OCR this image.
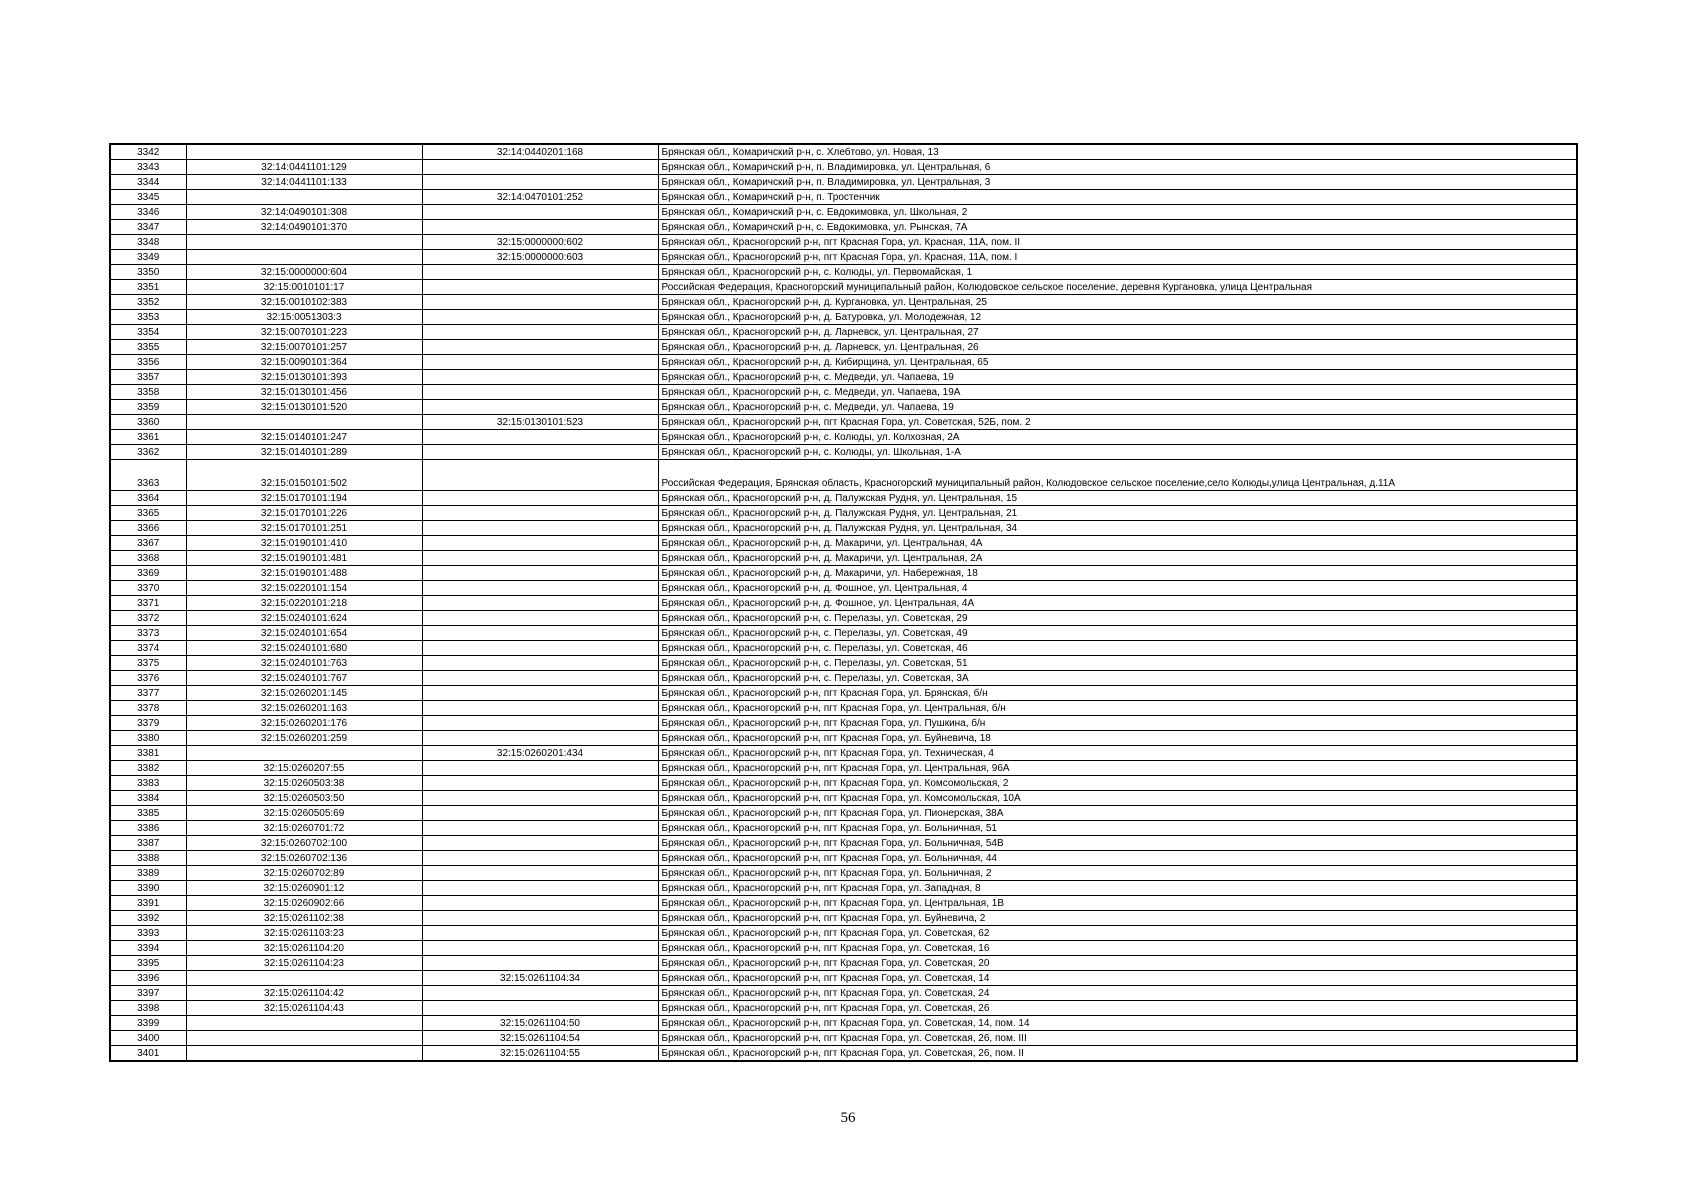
3342		32:14:0440201:168	Брянская обл., Комаричский р-н, с. Хлебтово, ул. Новая, 13
3343	32:14:0441101:129		Брянская обл., Комаричский р-н, п. Владимировка, ул. Центральная, 6
3344	32:14:0441101:133		Брянская обл., Комаричский р-н, п. Владимировка, ул. Центральная, 3
3345		32:14:0470101:252	Брянская обл., Комаричский р-н, п. Тростенчик
3346	32:14:0490101:308		Брянская обл., Комаричский р-н, с. Евдокимовка, ул. Школьная, 2
3347	32:14:0490101:370		Брянская обл., Комаричский р-н, с. Евдокимовка, ул. Рынская, 7А
3348		32:15:0000000:602	Брянская обл., Красногорский р-н, пгт Красная Гора, ул. Красная, 11А, пом. II
3349		32:15:0000000:603	Брянская обл., Красногорский р-н, пгт Красная Гора, ул. Красная, 11А, пом. I
3350	32:15:0000000:604		Брянская обл., Красногорский р-н, с. Колюды, ул. Первомайская, 1
3351	32:15:0010101:17		Российская Федерация, Красногорский муниципальный район, Колюдовское сельское поселение, деревня Кургановка, улица Центральная
3352	32:15:0010102:383		Брянская обл., Красногорский р-н, д. Кургановка, ул. Центральная, 25
3353	32:15:0051303:3		Брянская обл., Красногорский р-н, д. Батуровка, ул. Молодежная, 12
3354	32:15:0070101:223		Брянская обл., Красногорский р-н, д. Ларневск, ул. Центральная, 27
3355	32:15:0070101:257		Брянская обл., Красногорский р-н, д. Ларневск, ул. Центральная, 26
3356	32:15:0090101:364		Брянская обл., Красногорский р-н, д. Кибирщина, ул. Центральная, 65
3357	32:15:0130101:393		Брянская обл., Красногорский р-н, с. Медведи, ул. Чапаева, 19
3358	32:15:0130101:456		Брянская обл., Красногорский р-н, с. Медведи, ул. Чапаева, 19А
3359	32:15:0130101:520		Брянская обл., Красногорский р-н, с. Медведи, ул. Чапаева, 19
3360		32:15:0130101:523	Брянская обл., Красногорский р-н, пгт Красная Гора, ул. Советская, 52Б, пом. 2
3361	32:15:0140101:247		Брянская обл., Красногорский р-н, с. Колюды, ул. Колхозная, 2А
3362	32:15:0140101:289		Брянская обл., Красногорский р-н, с. Колюды, ул. Школьная, 1-А
3363	32:15:0150101:502		Российская Федерация, Брянская область, Красногорский муниципальный район, Колюдовское сельское поселение,село Колюды,улица Центральная, д.11А
3364	32:15:0170101:194		Брянская обл., Красногорский р-н, д. Палужская Рудня, ул. Центральная, 15
3365	32:15:0170101:226		Брянская обл., Красногорский р-н, д. Палужская Рудня, ул. Центральная, 21
3366	32:15:0170101:251		Брянская обл., Красногорский р-н, д. Палужская Рудня, ул. Центральная, 34
3367	32:15:0190101:410		Брянская обл., Красногорский р-н, д. Макаричи, ул. Центральная, 4А
3368	32:15:0190101:481		Брянская обл., Красногорский р-н, д. Макаричи, ул. Центральная, 2А
3369	32:15:0190101:488		Брянская обл., Красногорский р-н, д. Макаричи, ул. Набережная, 18
3370	32:15:0220101:154		Брянская обл., Красногорский р-н, д. Фошное, ул. Центральная, 4
3371	32:15:0220101:218		Брянская обл., Красногорский р-н, д. Фошное, ул. Центральная, 4А
3372	32:15:0240101:624		Брянская обл., Красногорский р-н, с. Перелазы, ул. Советская, 29
3373	32:15:0240101:654		Брянская обл., Красногорский р-н, с. Перелазы, ул. Советская, 49
3374	32:15:0240101:680		Брянская обл., Красногорский р-н, с. Перелазы, ул. Советская, 46
3375	32:15:0240101:763		Брянская обл., Красногорский р-н, с. Перелазы, ул. Советская, 51
3376	32:15:0240101:767		Брянская обл., Красногорский р-н, с. Перелазы, ул. Советская, 3А
3377	32:15:0260201:145		Брянская обл., Красногорский р-н, пгт Красная Гора, ул. Брянская, б/н
3378	32:15:0260201:163		Брянская обл., Красногорский р-н, пгт Красная Гора, ул. Центральная, б/н
3379	32:15:0260201:176		Брянская обл., Красногорский р-н, пгт Красная Гора, ул. Пушкина, б/н
3380	32:15:0260201:259		Брянская обл., Красногорский р-н, пгт Красная Гора, ул. Буйневича, 18
3381		32:15:0260201:434	Брянская обл., Красногорский р-н, пгт Красная Гора, ул. Техническая, 4
3382	32:15:0260207:55		Брянская обл., Красногорский р-н, пгт Красная Гора, ул. Центральная, 96А
3383	32:15:0260503:38		Брянская обл., Красногорский р-н, пгт Красная Гора, ул. Комсомольская, 2
3384	32:15:0260503:50		Брянская обл., Красногорский р-н, пгт Красная Гора, ул. Комсомольская, 10А
3385	32:15:0260505:69		Брянская обл., Красногорский р-н, пгт Красная Гора, ул. Пионерская, 38А
3386	32:15:0260701:72		Брянская обл., Красногорский р-н, пгт Красная Гора, ул. Больничная, 51
3387	32:15:0260702:100		Брянская обл., Красногорский р-н, пгт Красная Гора, ул. Больничная, 54В
3388	32:15:0260702:136		Брянская обл., Красногорский р-н, пгт Красная Гора, ул. Больничная, 44
3389	32:15:0260702:89		Брянская обл., Красногорский р-н, пгт Красная Гора, ул. Больничная, 2
3390	32:15:0260901:12		Брянская обл., Красногорский р-н, пгт Красная Гора, ул. Западная, 8
3391	32:15:0260902:66		Брянская обл., Красногорский р-н, пгт Красная Гора, ул. Центральная, 1В
3392	32:15:0261102:38		Брянская обл., Красногорский р-н, пгт Красная Гора, ул. Буйневича, 2
3393	32:15:0261103:23		Брянская обл., Красногорский р-н, пгт Красная Гора, ул. Советская, 62
3394	32:15:0261104:20		Брянская обл., Красногорский р-н, пгт Красная Гора, ул. Советская, 16
3395	32:15:0261104:23		Брянская обл., Красногорский р-н, пгт Красная Гора, ул. Советская, 20
3396		32:15:0261104:34	Брянская обл., Красногорский р-н, пгт Красная Гора, ул. Советская, 14
3397	32:15:0261104:42		Брянская обл., Красногорский р-н, пгт Красная Гора, ул. Советская, 24
3398	32:15:0261104:43		Брянская обл., Красногорский р-н, пгт Красная Гора, ул. Советская, 26
3399		32:15:0261104:50	Брянская обл., Красногорский р-н, пгт Красная Гора, ул. Советская, 14, пом. 14
3400		32:15:0261104:54	Брянская обл., Красногорский р-н, пгт Красная Гора, ул. Советская, 26, пом. III
3401		32:15:0261104:55	Брянская обл., Красногорский р-н, пгт Красная Гора, ул. Советская, 26, пом. II
56
